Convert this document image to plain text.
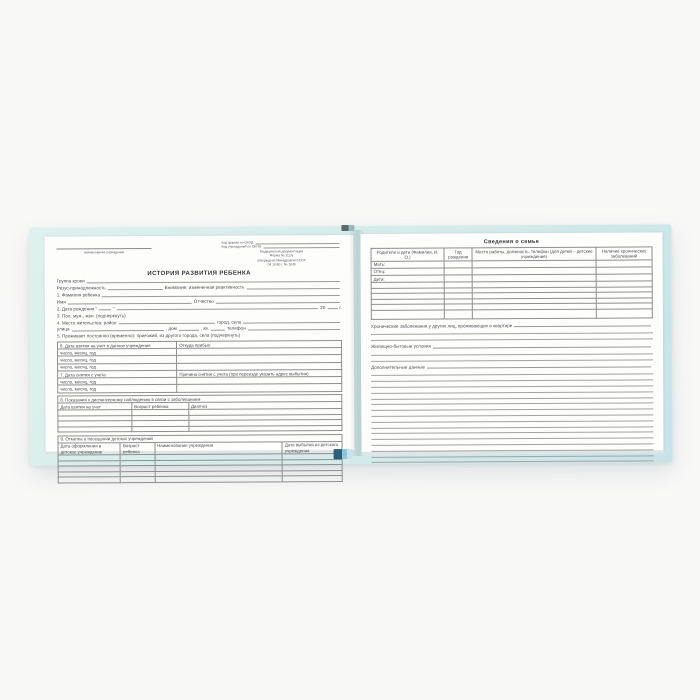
наименование учреждения
Код формы по ОКУД
Код учреждения по ОКПО
Медицинская документация
Форма № 112/у
утверждена Минздравом СССР
04.10.80 г. № 1030
ИСТОРИЯ РАЗВИТИЯ РЕБЕНКА
Группа крови
Резус-принадлежность	Внимание: измененная реактивность
1. Фамилия ребенка
Имя	Отчество
2. Дата рождения “	”	20	г.
3. Пол: муж., жен. (подчеркнуть)
4. Место жительства: район	город, село
улица	, дом	, кв.	телефон
5. Проживает постоянно (временно): приезжий, из другого города, села (подчеркнуть)
6. Дата взятия на учет в данное учреждение	Откуда прибыл
число, месяц, год	
число, месяц, год	
число, месяц, год	
7. Дата снятия с учета	Причина снятия с учета (при переезде указать адрес выбытия)
число, месяц, год	
число, месяц, год	
8. Показания к диспансерному наблюдению в связи с заболеванием		
Дата взятия на учет	Возраст ребенка	Диагноз

9. Отметка о посещении детских учреждений			
Дата оформления в детское учреждение	Возраст ребенка	Наименование учреждения	Дата выбытия из детского учреждения

Сведения о семье
Родители и дети (Фамилия, И. О.)	Год рождения	Место работы, должность, телефон (для детей – детские учреждения)	Наличие хронических заболеваний
Мать:			
Отец:			
Дети:			

Хронические заболевания у других лиц, проживающих в квартире
Жилищно-бытовые условия
Дополнительные данные
